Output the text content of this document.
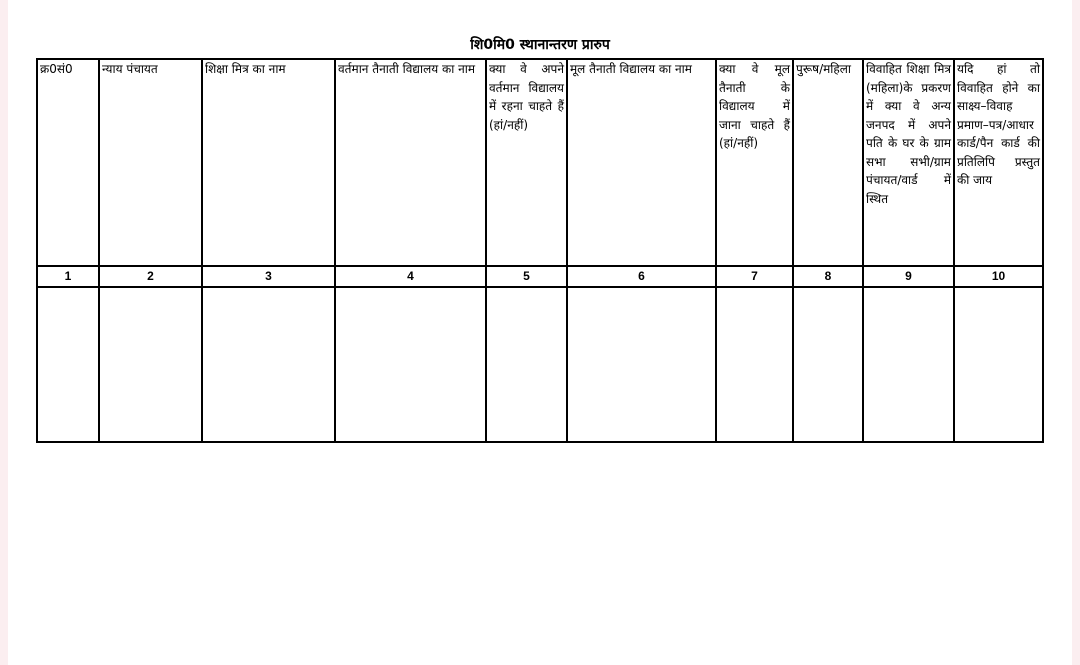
शि0मि0 स्थानान्तरण प्रारुप
क्र0सं0	न्याय पंचायत	शिक्षा मित्र का नाम	वर्तमान तैनाती विद्यालय का नाम	क्या वे अपने वर्तमान विद्यालय में रहना चाहते हैं (हां/नहीं)	मूल तैनाती विद्यालय का नाम	क्या वे मूल तैनाती के विद्यालय में जाना चाहते हैं (हां/नहीं)	पुरूष/महिला	विवाहित शिक्षा मित्र (महिला)के प्रकरण में क्या वे अन्य जनपद में अपने पति के घर के ग्राम सभा सभी/ग्राम पंचायत/वार्ड में स्थित	यदि हां तो विवाहित होने का साक्ष्य–विवाह प्रमाण–पत्र/आधार कार्ड/पैन कार्ड की प्रतिलिपि प्रस्तुत की जाय
1	2	3	4	5	6	7	8	9	10
